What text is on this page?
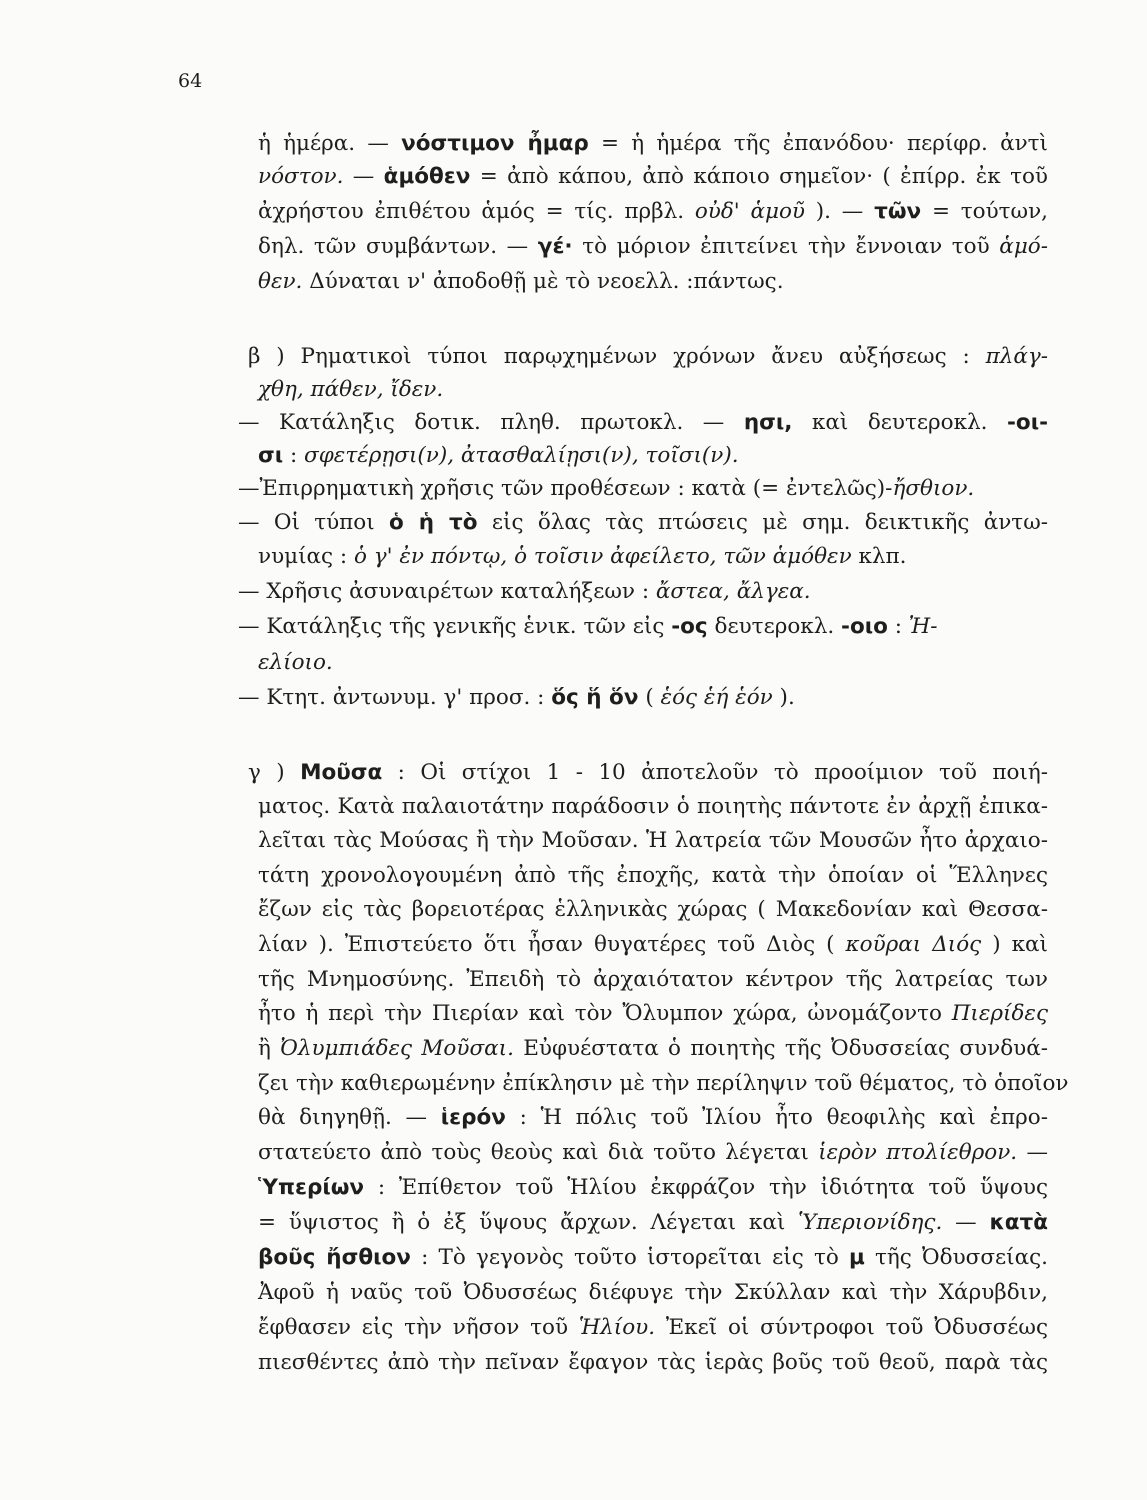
64
ἡ ἡμέρα. — νόστιμον ἦμαρ = ἡ ἡμέρα τῆς ἐπανόδου· περίφρ. ἀντὶ
νόστον. — ἁμόθεν = ἀπὸ κάπου, ἀπὸ κάποιο σημεῖον· ( ἐπίρρ. ἐκ τοῦ
ἀχρήστου ἐπιθέτου ἁμός = τίς. πρβλ. οὐδ' ἁμοῦ ). — τῶν = τούτων,
δηλ. τῶν συμβάντων. — γέ· τὸ μόριον ἐπιτείνει τὴν ἔννοιαν τοῦ ἁμό-
θεν. Δύναται ν' ἀποδοθῇ μὲ τὸ νεοελλ. :πάντως.
β ) Ρηματικοὶ τύποι παρῳχημένων χρόνων ἄνευ αὐξήσεως : πλάγ-
χθη, πάθεν, ἴδεν.
— Κατάληξις δοτικ. πληθ. πρωτοκλ. — ησι, καὶ δευτεροκλ. -οι-
σι : σφετέρῃσι(ν), ἀτασθαλίῃσι(ν), τοῖσι(ν).
—Ἐπιρρηματικὴ χρῆσις τῶν προθέσεων : κατὰ (= ἐντελῶς)-ἤσθιον.
— Οἱ τύποι ὁ ἡ τὸ εἰς ὅλας τὰς πτώσεις μὲ σημ. δεικτικῆς ἀντω-
νυμίας : ὁ γ' ἐν πόντῳ, ὁ τοῖσιν ἀφείλετο, τῶν ἁμόθεν κλπ.
— Χρῆσις ἀσυναιρέτων καταλήξεων : ἄστεα, ἄλγεα.
— Κατάληξις τῆς γενικῆς ἑνικ. τῶν εἰς -ος δευτεροκλ. -οιο : Ἠ-
ελίοιο.
— Κτητ. ἀντωνυμ. γ' προσ. : ὅς ἥ ὅν ( ἑός ἑή ἑόν ).
γ ) Μοῦσα : Οἱ στίχοι 1 - 10 ἀποτελοῦν τὸ προοίμιον τοῦ ποιή-
ματος. Κατὰ παλαιοτάτην παράδοσιν ὁ ποιητὴς πάντοτε ἐν ἀρχῇ ἐπικα-
λεῖται τὰς Μούσας ἢ τὴν Μοῦσαν. Ἡ λατρεία τῶν Μουσῶν ἦτο ἀρχαιο-
τάτη χρονολογουμένη ἀπὸ τῆς ἐποχῆς, κατὰ τὴν ὁποίαν οἱ Ἕλληνες
ἔζων εἰς τὰς βορειοτέρας ἑλληνικὰς χώρας ( Μακεδονίαν καὶ Θεσσα-
λίαν ). Ἐπιστεύετο ὅτι ἦσαν θυγατέρες τοῦ Διὸς ( κοῦραι Διός ) καὶ
τῆς Μνημοσύνης. Ἐπειδὴ τὸ ἀρχαιότατον κέντρον τῆς λατρείας των
ἦτο ἡ περὶ τὴν Πιερίαν καὶ τὸν Ὄλυμπον χώρα, ὠνομάζοντο Πιερίδες
ἢ Ὀλυμπιάδες Μοῦσαι. Εὐφυέστατα ὁ ποιητὴς τῆς Ὀδυσσείας συνδυά-
ζει τὴν καθιερωμένην ἐπίκλησιν μὲ τὴν περίληψιν τοῦ θέματος, τὸ ὁποῖον
θὰ διηγηθῇ. — ἱερόν : Ἡ πόλις τοῦ Ἰλίου ἦτο θεοφιλὴς καὶ ἐπρο-
στατεύετο ἀπὸ τοὺς θεοὺς καὶ διὰ τοῦτο λέγεται ἱερὸν πτολίεθρον. —
Ὑπερίων : Ἐπίθετον τοῦ Ἡλίου ἐκφράζον τὴν ἰδιότητα τοῦ ὕψους
= ὕψιστος ἢ ὁ ἐξ ὕψους ἄρχων. Λέγεται καὶ Ὑπεριονίδης. — κατὰ
βοῦς ἤσθιον : Τὸ γεγονὸς τοῦτο ἱστορεῖται εἰς τὸ μ τῆς Ὀδυσσείας.
Ἀφοῦ ἡ ναῦς τοῦ Ὀδυσσέως διέφυγε τὴν Σκύλλαν καὶ τὴν Χάρυβδιν,
ἔφθασεν εἰς τὴν νῆσον τοῦ Ἡλίου. Ἐκεῖ οἱ σύντροφοι τοῦ Ὀδυσσέως
πιεσθέντες ἀπὸ τὴν πεῖναν ἔφαγον τὰς ἱερὰς βοῦς τοῦ θεοῦ, παρὰ τὰς
